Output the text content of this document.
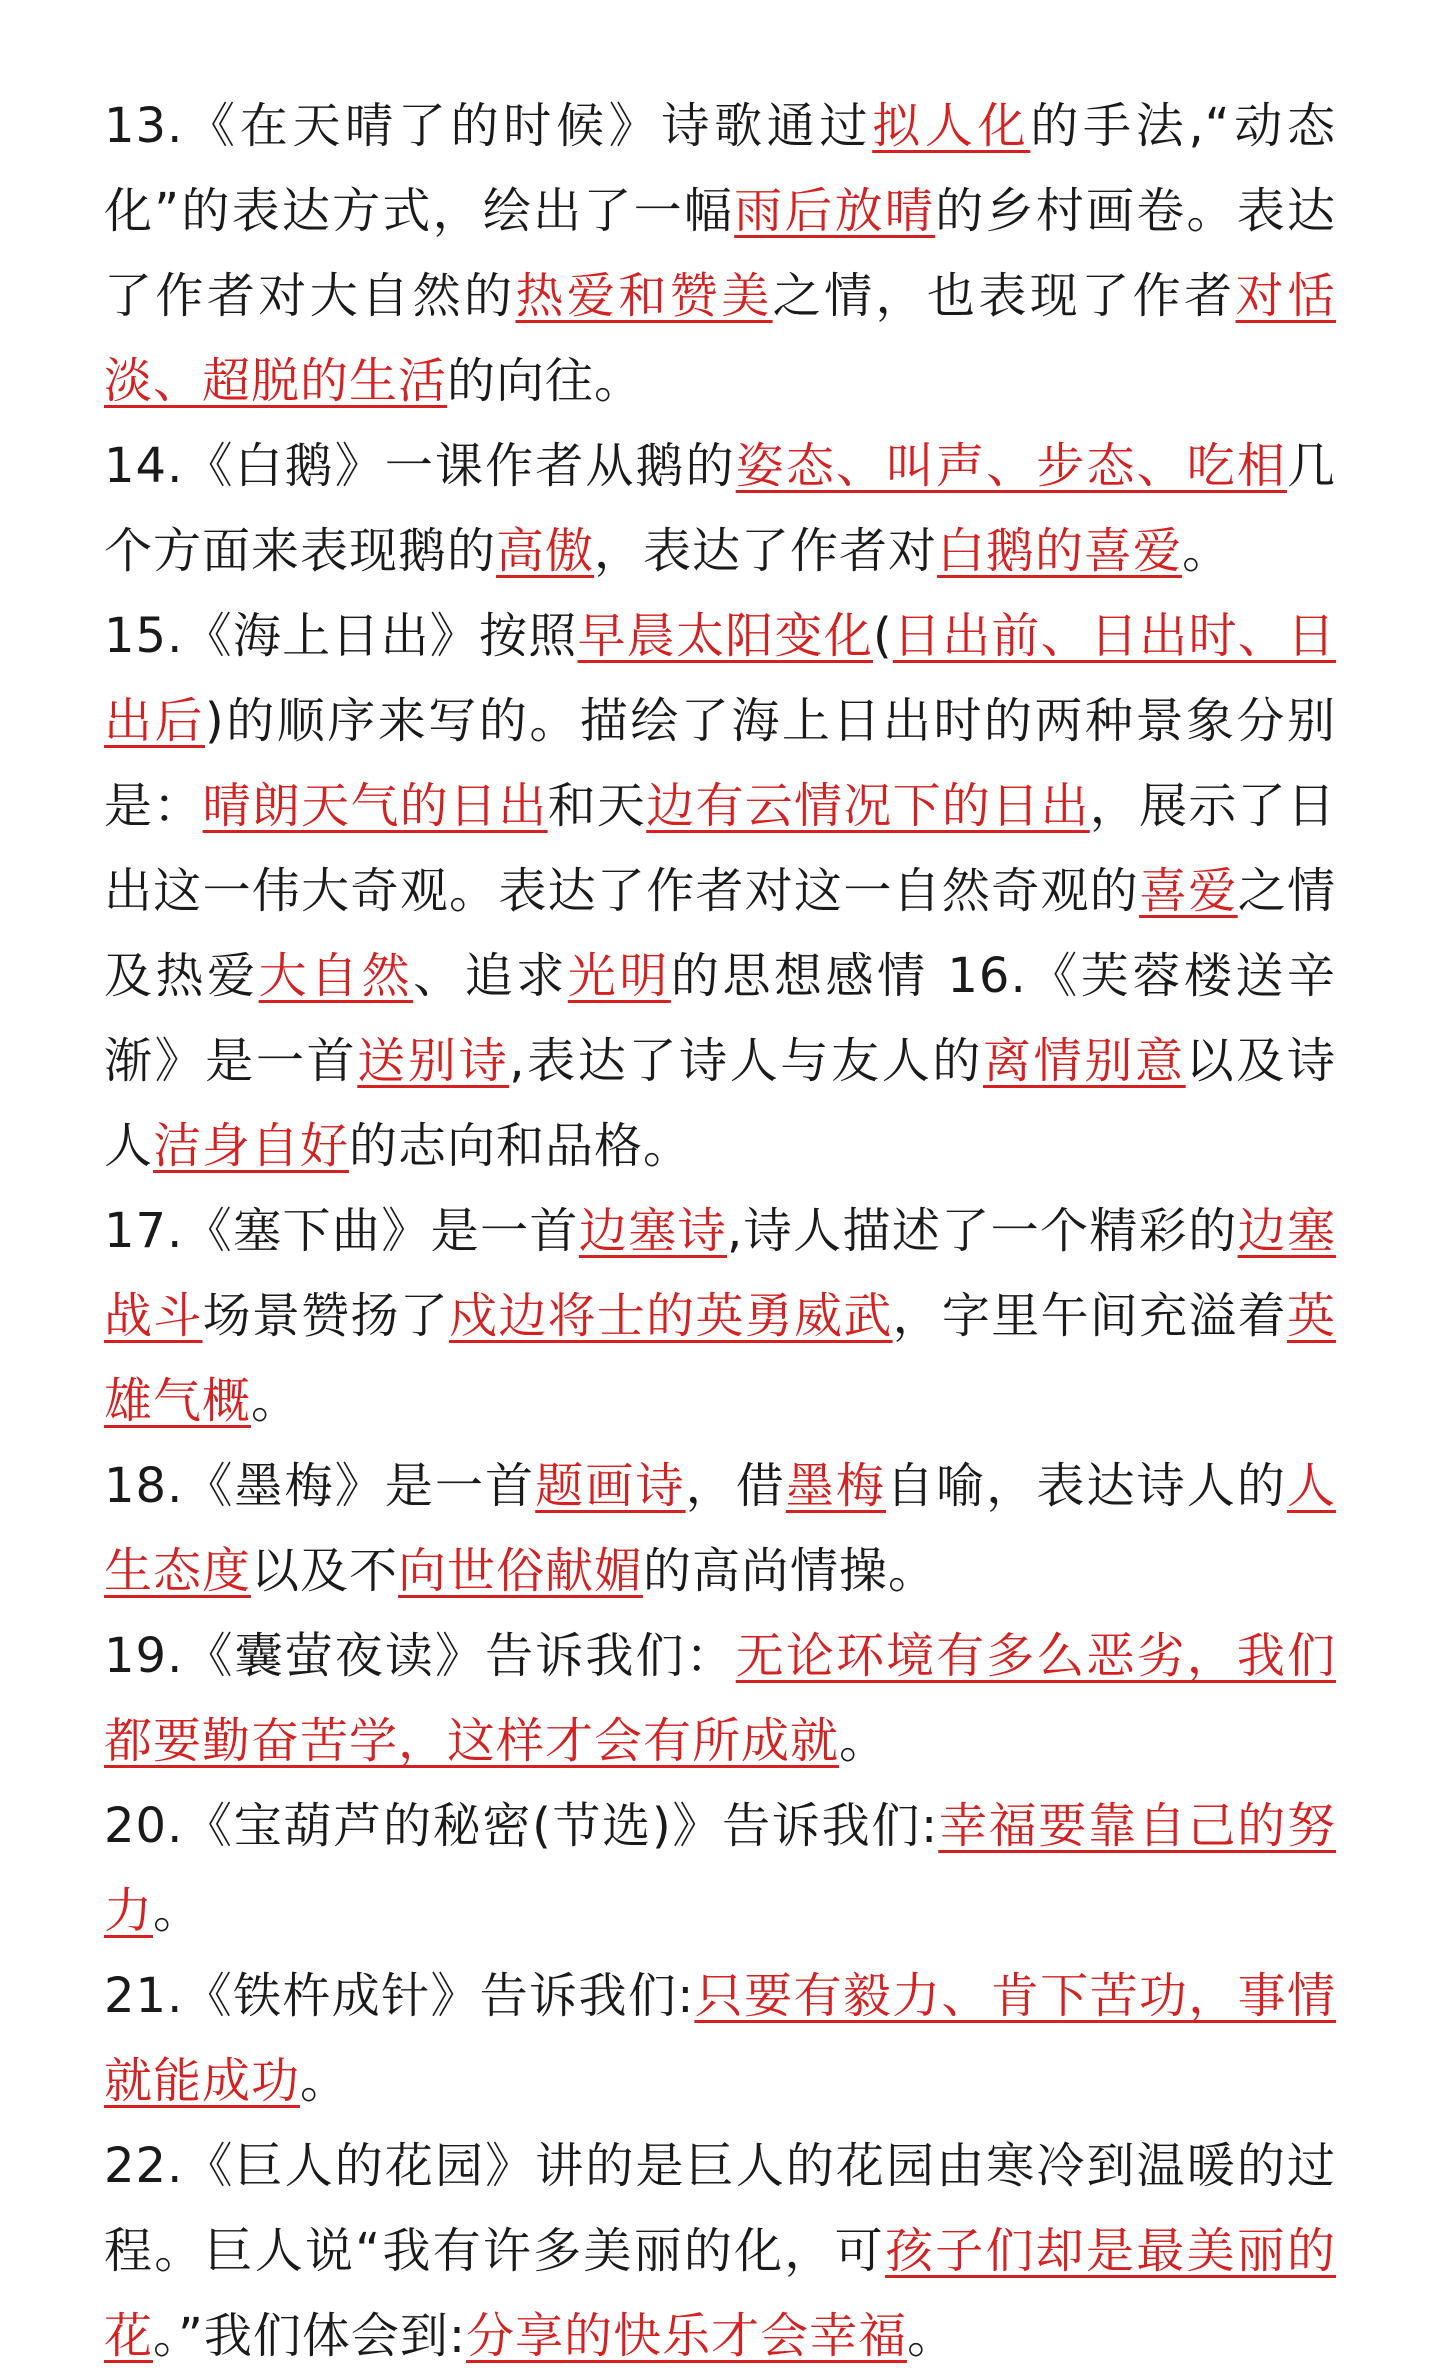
13.《在天晴了的时候》诗歌通过拟人化的手法,“动态化”的表达方式，绘出了一幅雨后放晴的乡村画卷。表达了作者对大自然的热爱和赞美之情，也表现了作者对恬淡、超脱的生活的向往。

14.《白鹅》一课作者从鹅的姿态、叫声、步态、吃相几个方面来表现鹅的高傲，表达了作者对白鹅的喜爱。

15.《海上日出》按照早晨太阳变化(日出前、日出时、日出后)的顺序来写的。描绘了海上日出时的两种景象分别是：晴朗天气的日出和天边有云情况下的日出，展示了日出这一伟大奇观。表达了作者对这一自然奇观的喜爱之情及热爱大自然、追求光明的思想感情 16.《芙蓉楼送辛渐》是一首送别诗,表达了诗人与友人的离情别意以及诗人洁身自好的志向和品格。

17.《塞下曲》是一首边塞诗,诗人描述了一个精彩的边塞战斗场景赞扬了戍边将士的英勇威武，字里午间充溢着英雄气概。

18.《墨梅》是一首题画诗，借墨梅自喻，表达诗人的人生态度以及不向世俗献媚的高尚情操。

19.《囊萤夜读》告诉我们：无论环境有多么恶劣，我们都要勤奋苦学，这样才会有所成就。

20.《宝葫芦的秘密(节选)》告诉我们:幸福要靠自己的努力。

21.《铁杵成针》告诉我们:只要有毅力、肯下苦功，事情就能成功。

22.《巨人的花园》讲的是巨人的花园由寒冷到温暖的过程。巨人说“我有许多美丽的化，可孩子们却是最美丽的花。”我们体会到:分享的快乐才会幸福。
